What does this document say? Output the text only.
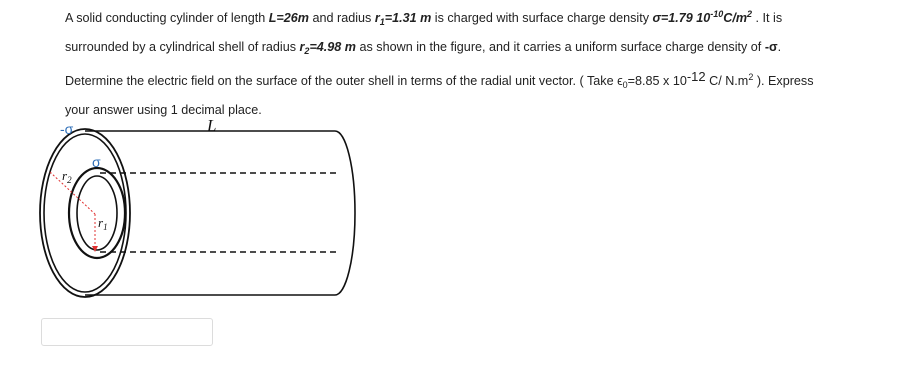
A solid conducting cylinder of length L=26m and radius $r_1=1.31$ m is charged with surface charge density σ=1.79 $10^{-10}C/m^2$ . It is

surrounded by a cylindrical shell of radius $r_2=4.98$ m as shown in the figure, and it carries a uniform surface charge density of -σ.

Determine the electric field on the surface of the outer shell in terms of the radial unit vector. ( Take $\epsilon_0=8.85$ x 10-12 C/ $N.m^2$ ). Express

your answer using 1 decimal place.

-σ	L
σ
$r_2$
$r_1$
